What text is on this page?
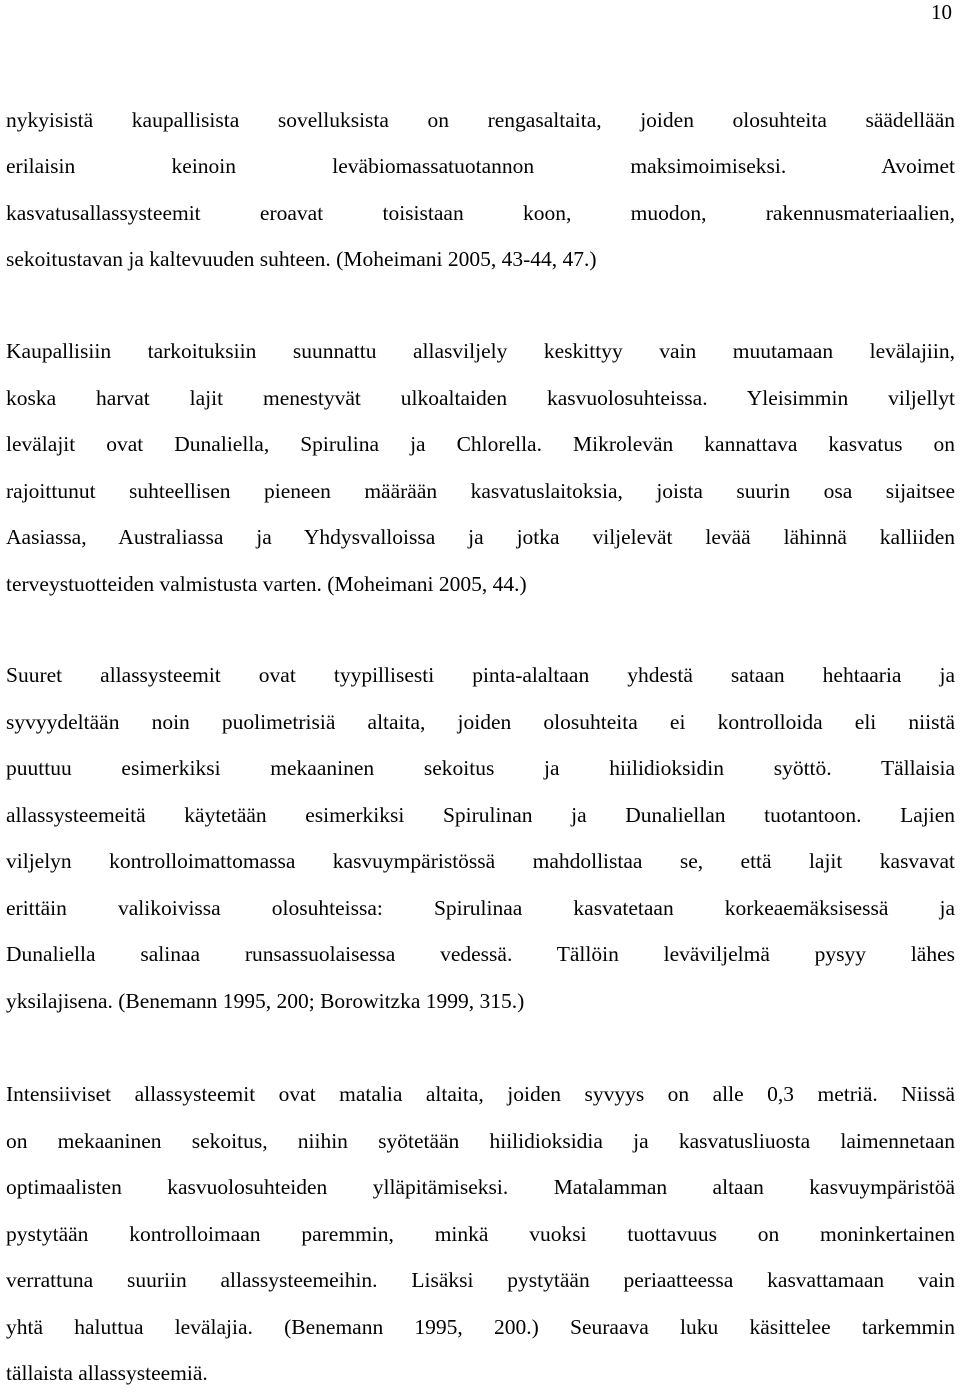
10
nykyisistä kaupallisista sovelluksista on rengasaltaita, joiden olosuhteita säädellään
erilaisin keinoin leväbiomassatuotannon maksimoimiseksi. Avoimet
kasvatusallassysteemit eroavat toisistaan koon, muodon, rakennusmateriaalien,
sekoitustavan ja kaltevuuden suhteen. (Moheimani 2005, 43-44, 47.)
Kaupallisiin tarkoituksiin suunnattu allasviljely keskittyy vain muutamaan levälajiin,
koska harvat lajit menestyvät ulkoaltaiden kasvuolosuhteissa. Yleisimmin viljellyt
levälajit ovat Dunaliella, Spirulina ja Chlorella. Mikrolevän kannattava kasvatus on
rajoittunut suhteellisen pieneen määrään kasvatuslaitoksia, joista suurin osa sijaitsee
Aasiassa, Australiassa ja Yhdysvalloissa ja jotka viljelevät levää lähinnä kalliiden
terveystuotteiden valmistusta varten. (Moheimani 2005, 44.)
Suuret allassysteemit ovat tyypillisesti pinta-alaltaan yhdestä sataan hehtaaria ja
syvyydeltään noin puolimetrisiä altaita, joiden olosuhteita ei kontrolloida eli niistä
puuttuu esimerkiksi mekaaninen sekoitus ja hiilidioksidin syöttö. Tällaisia
allassysteemeitä käytetään esimerkiksi Spirulinan ja Dunaliellan tuotantoon. Lajien
viljelyn kontrolloimattomassa kasvuympäristössä mahdollistaa se, että lajit kasvavat
erittäin valikoivissa olosuhteissa: Spirulinaa kasvatetaan korkeaemäksisessä ja
Dunaliella salinaa runsassuolaisessa vedessä. Tällöin leväviljelmä pysyy lähes
yksilajisena. (Benemann 1995, 200; Borowitzka 1999, 315.)
Intensiiviset allassysteemit ovat matalia altaita, joiden syvyys on alle 0,3 metriä. Niissä
on mekaaninen sekoitus, niihin syötetään hiilidioksidia ja kasvatusliuosta laimennetaan
optimaalisten kasvuolosuhteiden ylläpitämiseksi. Matalamman altaan kasvuympäristöä
pystytään kontrolloimaan paremmin, minkä vuoksi tuottavuus on moninkertainen
verrattuna suuriin allassysteemeihin. Lisäksi pystytään periaatteessa kasvattamaan vain
yhtä haluttua levälajia. (Benemann 1995, 200.) Seuraava luku käsittelee tarkemmin
tällaista allassysteemiä.
